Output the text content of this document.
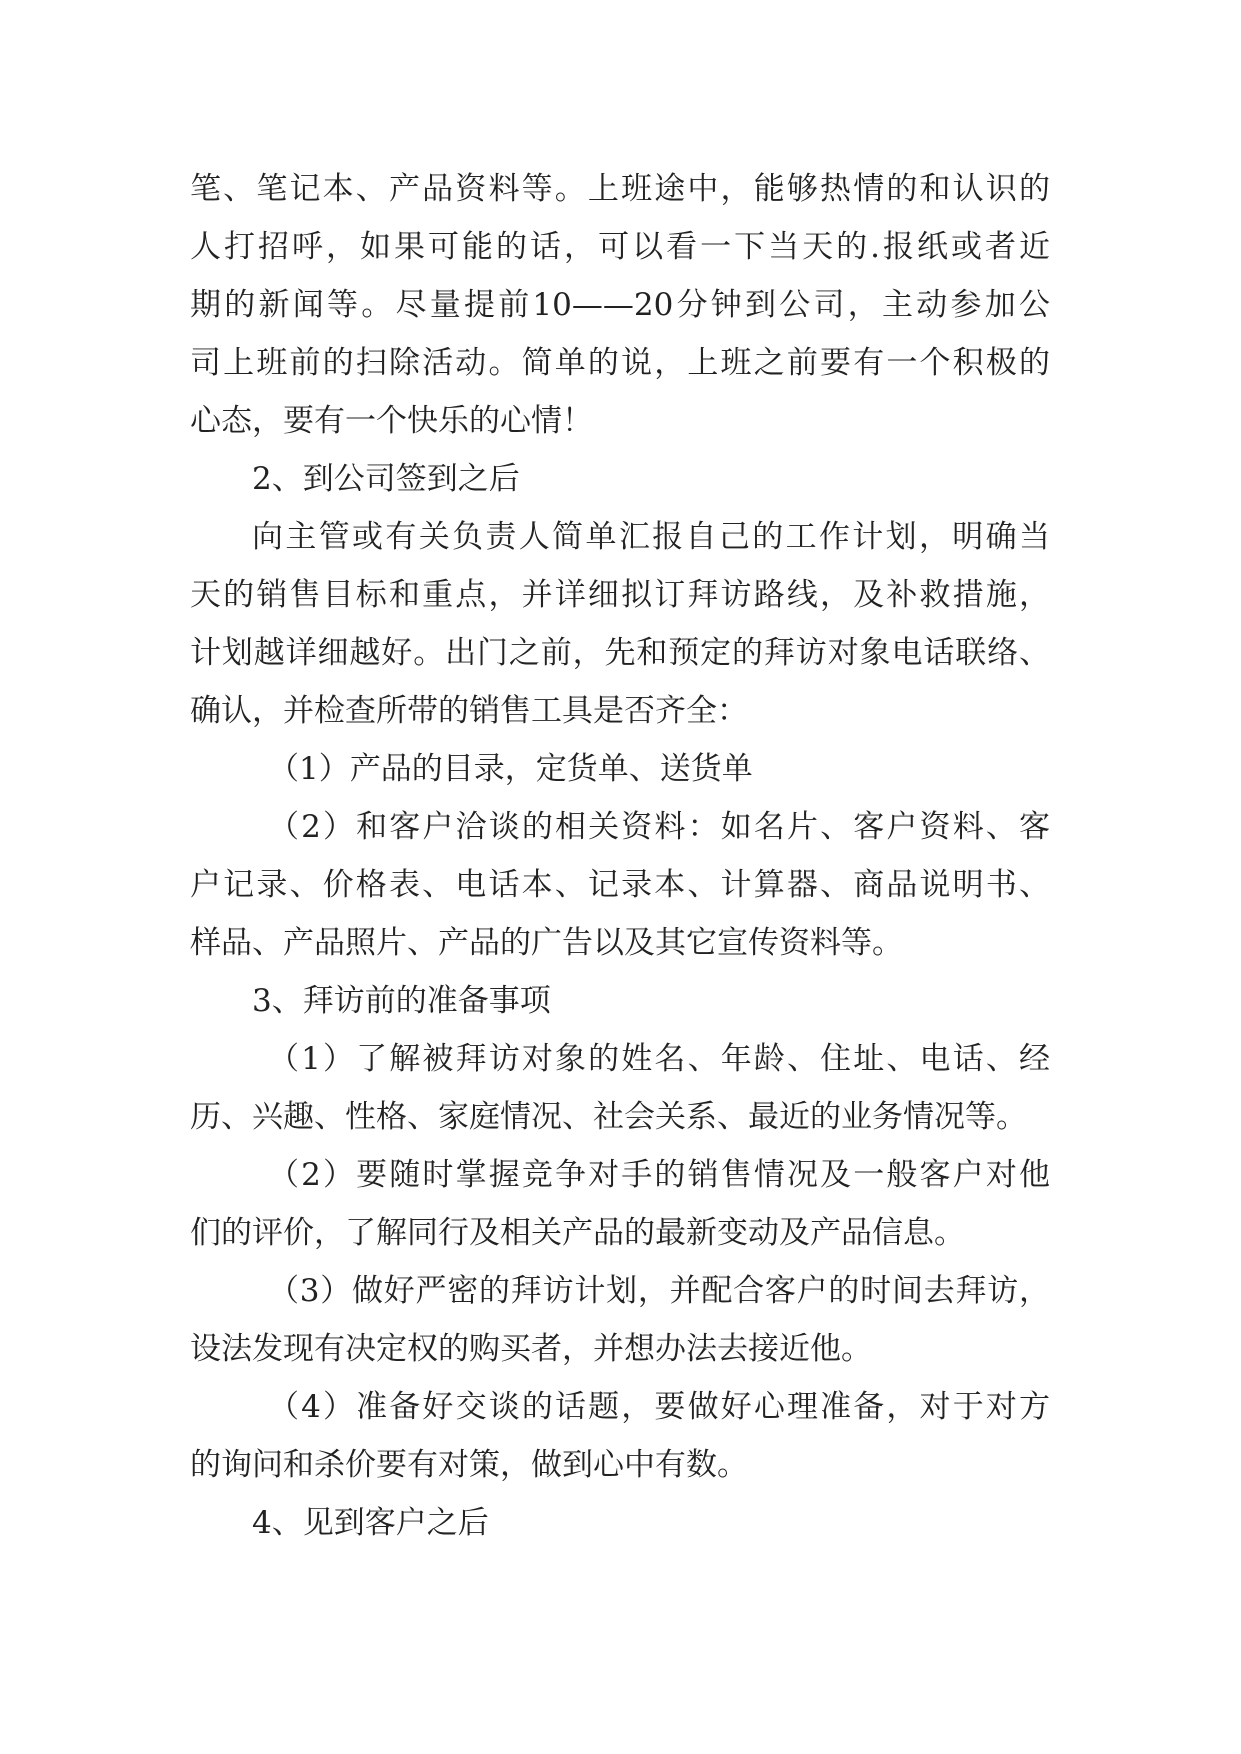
笔、笔记本、产品资料等。上班途中，能够热情的和认识的
人打招呼，如果可能的话，可以看一下当天的.报纸或者近
期的新闻等。尽量提前10——20分钟到公司，主动参加公
司上班前的扫除活动。简单的说，上班之前要有一个积极的
心态，要有一个快乐的心情！
2、到公司签到之后
向主管或有关负责人简单汇报自己的工作计划，明确当
天的销售目标和重点，并详细拟订拜访路线，及补救措施，
计划越详细越好。出门之前，先和预定的拜访对象电话联络、
确认，并检查所带的销售工具是否齐全：
（1）产品的目录，定货单、送货单
（2）和客户洽谈的相关资料：如名片、客户资料、客
户记录、价格表、电话本、记录本、计算器、商品说明书、
样品、产品照片、产品的广告以及其它宣传资料等。
3、拜访前的准备事项
（1）了解被拜访对象的姓名、年龄、住址、电话、经
历、兴趣、性格、家庭情况、社会关系、最近的业务情况等。
（2）要随时掌握竞争对手的销售情况及一般客户对他
们的评价，了解同行及相关产品的最新变动及产品信息。
（3）做好严密的拜访计划，并配合客户的时间去拜访，
设法发现有决定权的购买者，并想办法去接近他。
（4）准备好交谈的话题，要做好心理准备，对于对方
的询问和杀价要有对策，做到心中有数。
4、见到客户之后
